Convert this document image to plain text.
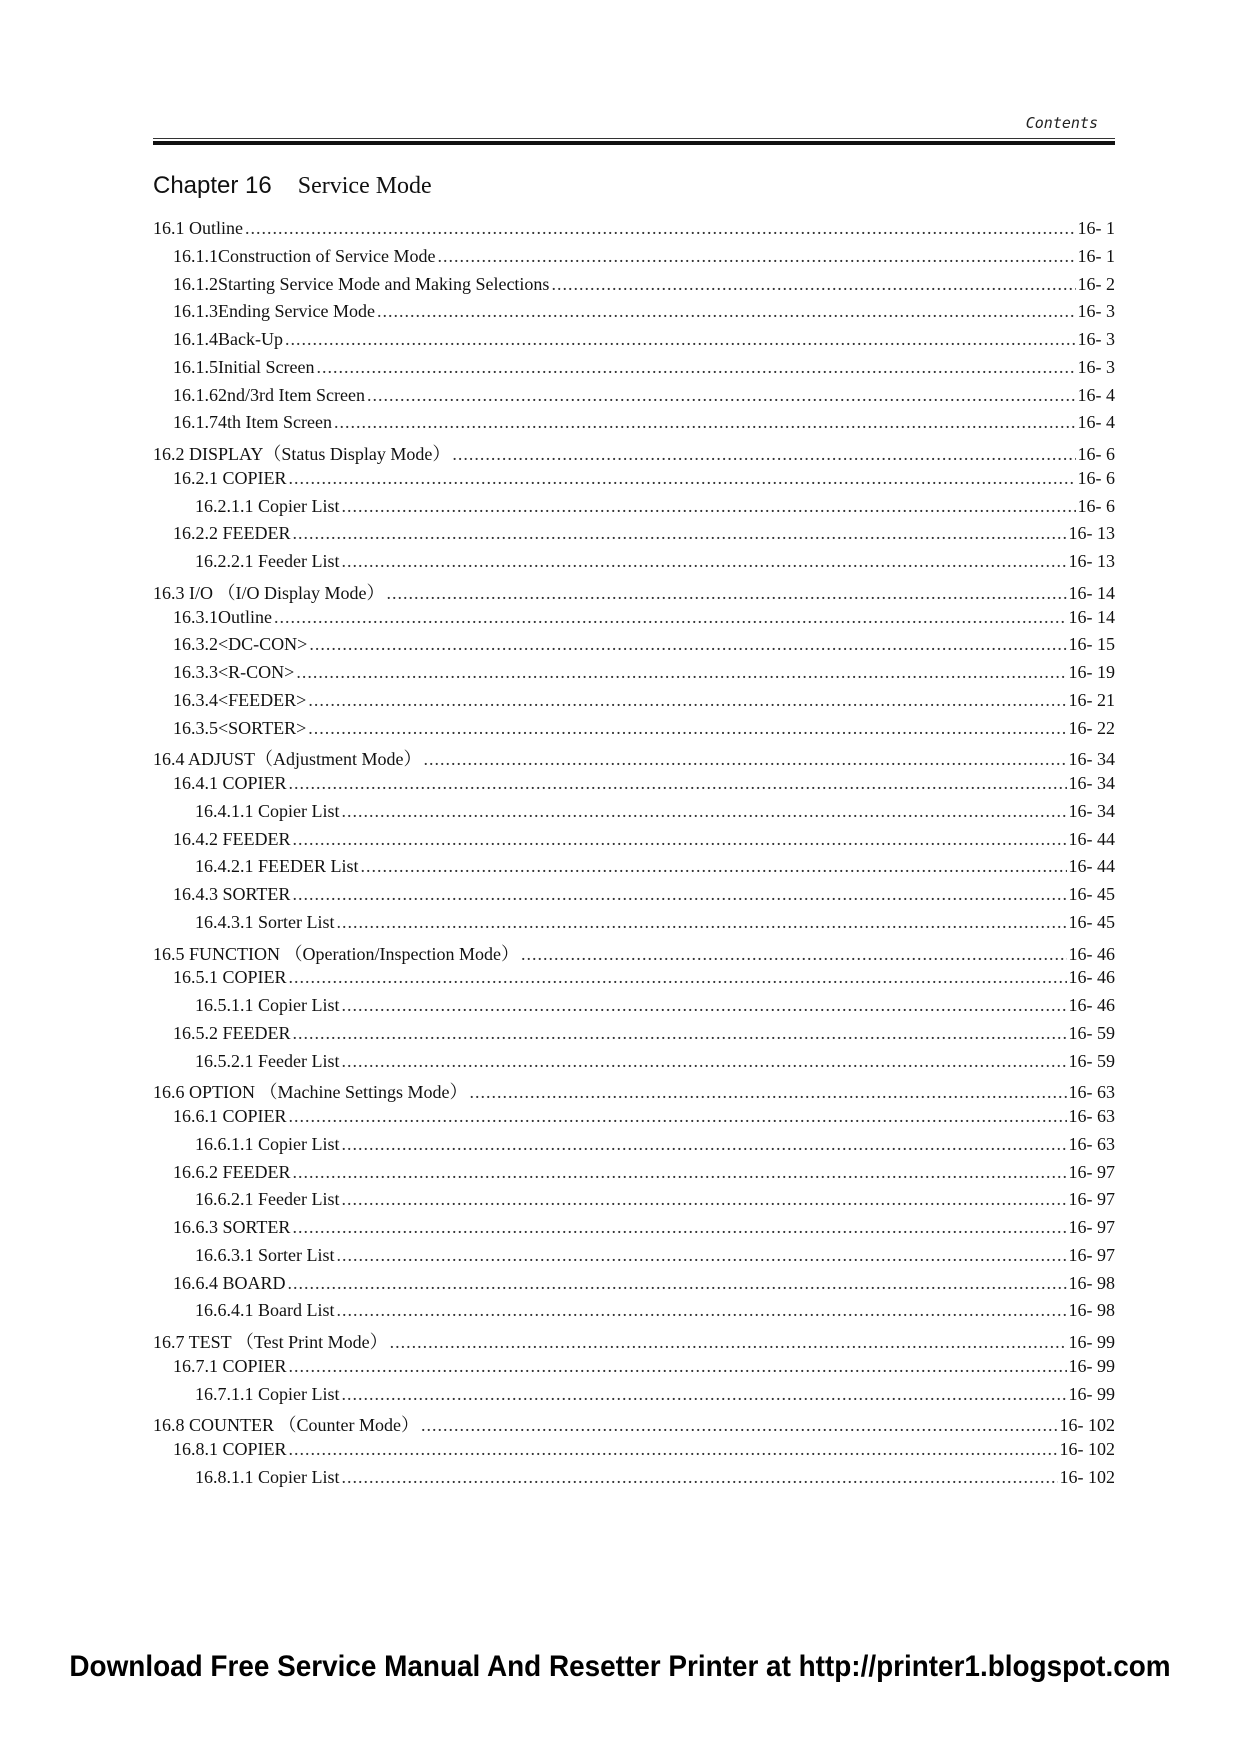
Contents
Chapter 16 Service Mode
16.1 Outline .....	16- 1
16.1.1Construction of Service Mode .....	16- 1
16.1.2Starting Service Mode and Making Selections .....	16- 2
16.1.3Ending Service Mode .....	16- 3
16.1.4Back-Up .....	16- 3
16.1.5Initial Screen .....	16- 3
16.1.62nd/3rd Item Screen .....	16- 4
16.1.74th Item Screen .....	16- 4
16.2 DISPLAY（Status Display Mode） .....	16- 6
16.2.1 COPIER .....	16- 6
16.2.1.1 Copier List .....	16- 6
16.2.2 FEEDER .....	16- 13
16.2.2.1 Feeder List .....	16- 13
16.3 I/O （I/O Display Mode） .....	16- 14
16.3.1Outline .....	16- 14
16.3.2<DC-CON> .....	16- 15
16.3.3<R-CON> .....	16- 19
16.3.4<FEEDER> .....	16- 21
16.3.5<SORTER> .....	16- 22
16.4 ADJUST（Adjustment Mode） .....	16- 34
16.4.1 COPIER .....	16- 34
16.4.1.1 Copier List .....	16- 34
16.4.2 FEEDER .....	16- 44
16.4.2.1 FEEDER List .....	16- 44
16.4.3 SORTER .....	16- 45
16.4.3.1 Sorter List .....	16- 45
16.5 FUNCTION （Operation/Inspection Mode） .....	16- 46
16.5.1 COPIER .....	16- 46
16.5.1.1 Copier List .....	16- 46
16.5.2 FEEDER .....	16- 59
16.5.2.1 Feeder List .....	16- 59
16.6 OPTION （Machine Settings Mode） .....	16- 63
16.6.1 COPIER .....	16- 63
16.6.1.1 Copier List .....	16- 63
16.6.2 FEEDER .....	16- 97
16.6.2.1 Feeder List .....	16- 97
16.6.3 SORTER .....	16- 97
16.6.3.1 Sorter List .....	16- 97
16.6.4 BOARD .....	16- 98
16.6.4.1 Board List .....	16- 98
16.7 TEST （Test Print Mode） .....	16- 99
16.7.1 COPIER .....	16- 99
16.7.1.1 Copier List .....	16- 99
16.8 COUNTER （Counter Mode） .....	16- 102
16.8.1 COPIER .....	16- 102
16.8.1.1 Copier List .....	16- 102
Download Free Service Manual And Resetter Printer at http://printer1.blogspot.com
